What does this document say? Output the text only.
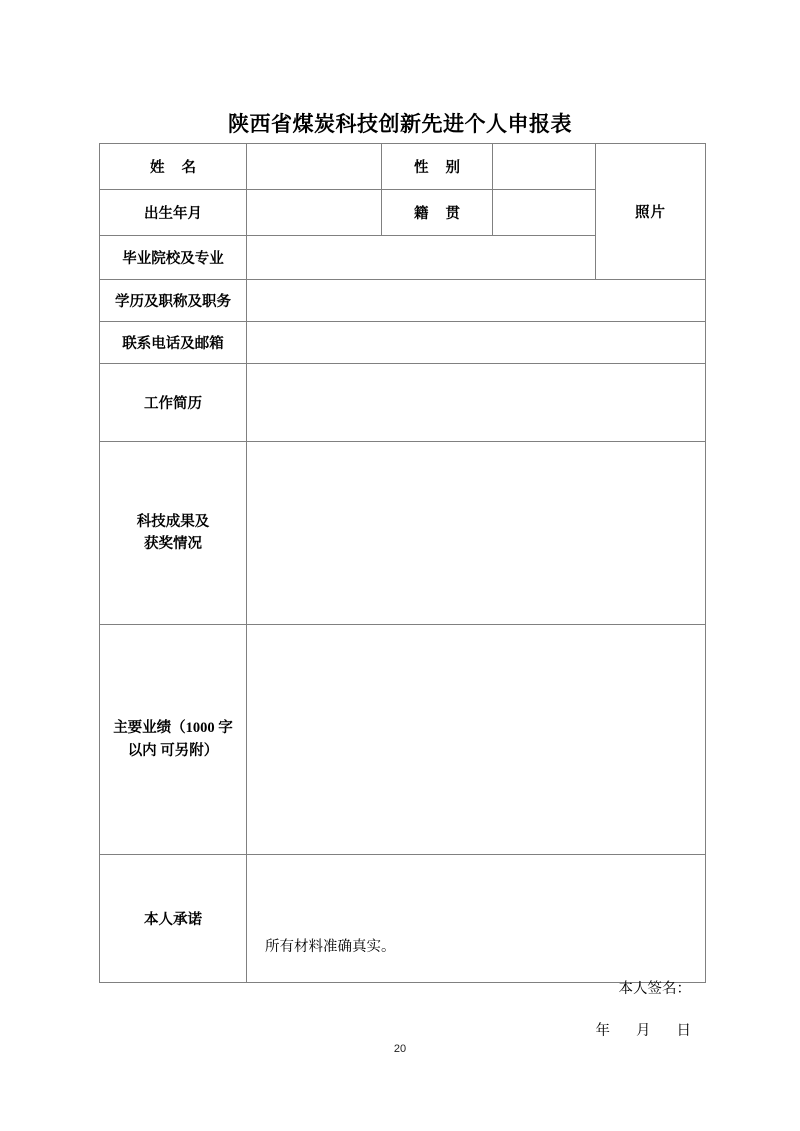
陕西省煤炭科技创新先进个人申报表
姓 名		性 别		照片
出生年月		籍 贯		
毕业院校及专业				
学历及职称及职务				
联系电话及邮箱				
工作简历				

科技成果及
获奖情况				

主要业绩（1000 字
以内 可另附）				

本人承诺	所有材料准确真实。
本人签名：
年 月 日			
20
